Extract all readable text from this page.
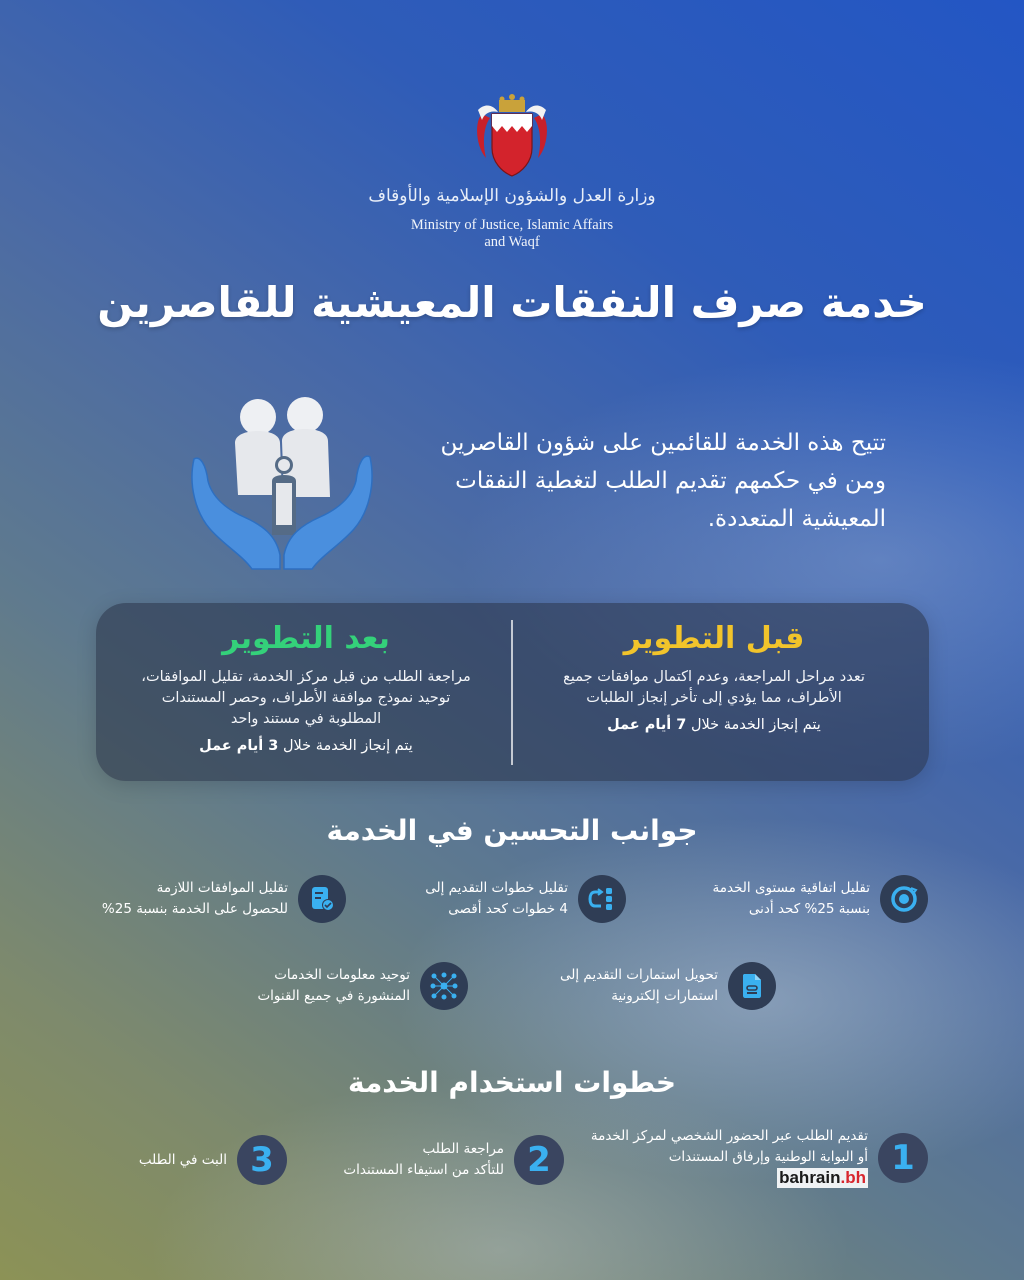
وزارة العدل والشؤون الإسلامية والأوقاف
Ministry of Justice, Islamic Affairs
and Waqf
خدمة صرف النفقات المعيشية للقاصرين
تتيح هذه الخدمة للقائمين على شؤون القاصرين ومن في حكمهم تقديم الطلب لتغطية النفقات المعيشية المتعددة.
قبل التطوير

تعدد مراحل المراجعة، وعدم اكتمال موافقات جميع الأطراف، مما يؤدي إلى تأخر إنجاز الطلبات

يتم إنجاز الخدمة خلال 7 أيام عمل

بعد التطوير

مراجعة الطلب من قبل مركز الخدمة، تقليل الموافقات، توحيد نموذج موافقة الأطراف، وحصر المستندات المطلوبة في مستند واحد

يتم إنجاز الخدمة خلال 3 أيام عمل

جوانب التحسين في الخدمة
تقليل اتفاقية مستوى الخدمة
بنسبة 25% كحد أدنى
تقليل خطوات التقديم إلى
4 خطوات كحد أقصى
تقليل الموافقات اللازمة
للحصول على الخدمة بنسبة 25%
تحويل استمارات التقديم إلى
استمارات إلكترونية
توحيد معلومات الخدمات
المنشورة في جميع القنوات
خطوات استخدام الخدمة
1
تقديم الطلب عبر الحضور الشخصي لمركز الخدمة
أو البوابة الوطنية وإرفاق المستندات
bahrain.bh
2
مراجعة الطلب
للتأكد من استيفاء المستندات
3
البت في الطلب
